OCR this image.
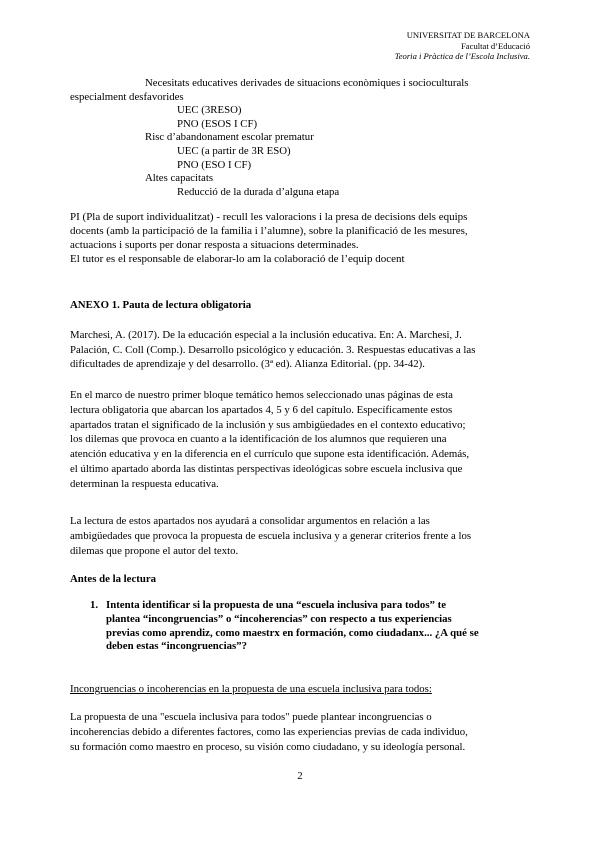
UNIVERSITAT DE BARCELONA
Facultat d’Educació
Teoria i Pràctica de l’Escola Inclusiva.
Necesitats educatives derivades de situacions econòmiques i socioculturals
especialment desfavorides
UEC (3RESO)
PNO (ESOS I CF)
Risc d’abandonament escolar prematur
UEC (a partir de 3R ESO)
PNO (ESO I CF)
Altes capacitats
Reducció de la durada d’alguna etapa
PI (Pla de suport individualitzat) - recull les valoracions i la presa de decisions dels equips
docents (amb la participació de la familia i l’alumne), sobre la planificació de les mesures,
actuacions i suports per donar resposta a situacions determinades.
El tutor es el responsable de elaborar-lo am la colaboració de l’equip docent
ANEXO 1. Pauta de lectura obligatoria
Marchesi, A. (2017). De la educación especial a la inclusión educativa. En: A. Marchesi, J.
Palación, C. Coll (Comp.). Desarrollo psicológico y educación. 3. Respuestas educativas a las
dificultades de aprendizaje y del desarrollo. (3ª ed). Alianza Editorial. (pp. 34-42).
En el marco de nuestro primer bloque temático hemos seleccionado unas páginas de esta
lectura obligatoria que abarcan los apartados 4, 5 y 6 del capítulo. Específicamente estos
apartados tratan el significado de la inclusión y sus ambigüedades en el contexto educativo;
los dilemas que provoca en cuanto a la identificación de los alumnos que requieren una
atención educativa y en la diferencia en el currículo que supone esta identificación. Además,
el último apartado aborda las distintas perspectivas ideológicas sobre escuela inclusiva que
determinan la respuesta educativa.
La lectura de estos apartados nos ayudará a consolidar argumentos en relación a las
ambigüedades que provoca la propuesta de escuela inclusiva y a generar criterios frente a los
dilemas que propone el autor del texto.
Antes de la lectura
1. Intenta identificar si la propuesta de una “escuela inclusiva para todos” te
plantea “incongruencias” o “incoherencias” con respecto a tus experiencias
previas como aprendiz, como maestrx en formación, como ciudadanx... ¿A qué se
deben estas “incongruencias”?
Incongruencias o incoherencias en la propuesta de una escuela inclusiva para todos:
La propuesta de una "escuela inclusiva para todos" puede plantear incongruencias o
incoherencias debido a diferentes factores, como las experiencias previas de cada individuo,
su formación como maestro en proceso, su visión como ciudadano, y su ideología personal.
2
